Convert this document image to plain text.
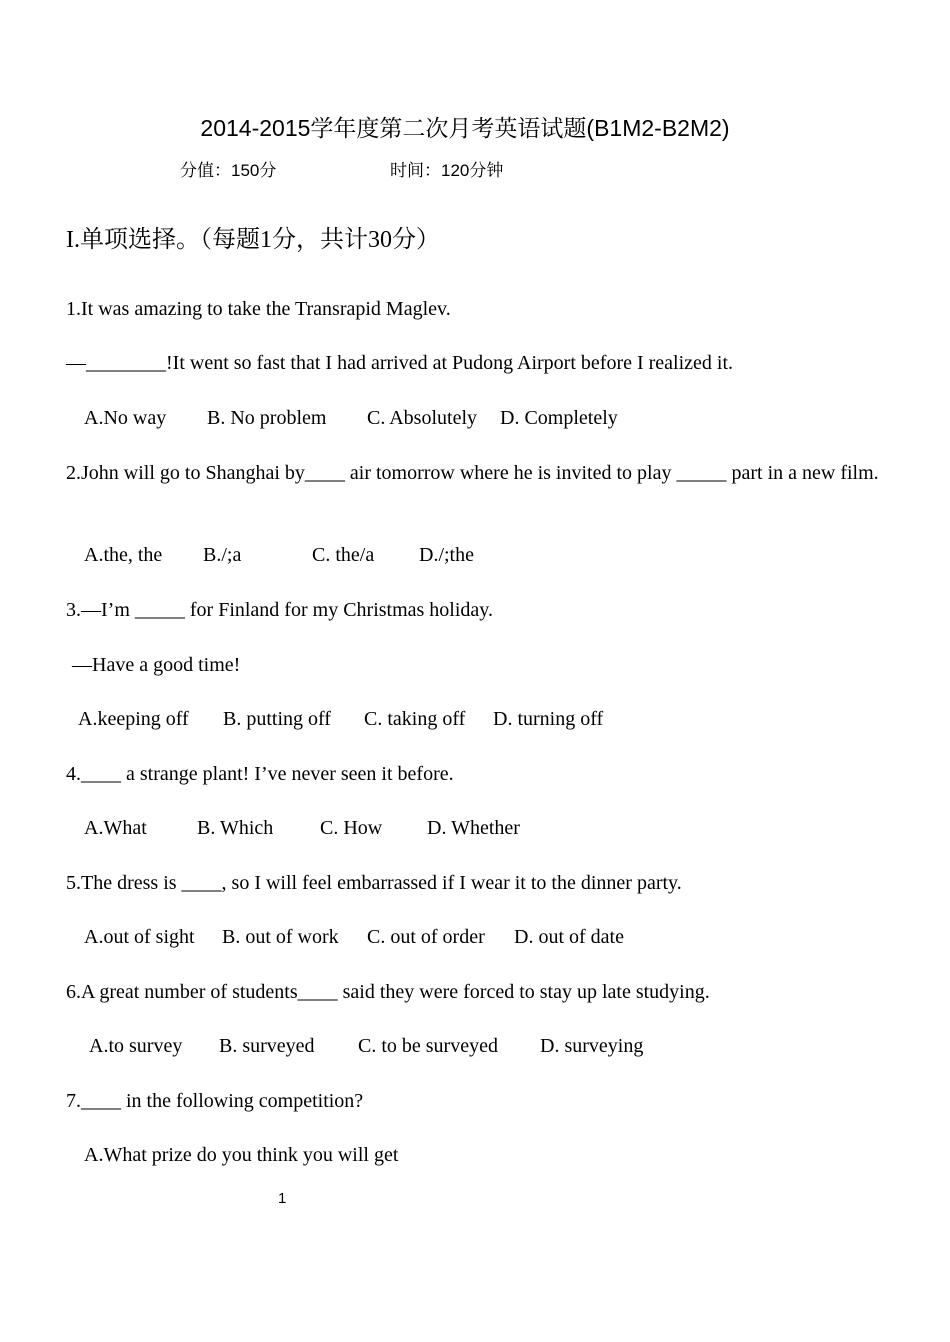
2014-2015学年度第二次月考英语试题(B1M2-B2M2)
分值：150分	时间：120分钟
I.单项选择。（每题1分，共计30分）
1.It was amazing to take the Transrapid Maglev.
—________!It went so fast that I had arrived at Pudong Airport before I realized it.
A.No way B. No problem C. Absolutely D. Completely
2.John will go to Shanghai by____ air tomorrow where he is invited to play _____ part in a new film.
A.the, the B./;a	C. the/a D./;the
3.—I’m _____ for Finland for my Christmas holiday.
—Have a good time!
A.keeping off B. putting off C. taking off D. turning off
4.____ a strange plant! I’ve never seen it before.
A.What	B. Which C. How D. Whether
5.The dress is ____, so I will feel embarrassed if I wear it to the dinner party.
A.out of sight B. out of work C. out of order D. out of date
6.A great number of students____ said they were forced to stay up late studying.
A.to survey B. surveyed C. to be surveyed D. surveying
7.____ in the following competition?
A.What prize do you think you will get
1
